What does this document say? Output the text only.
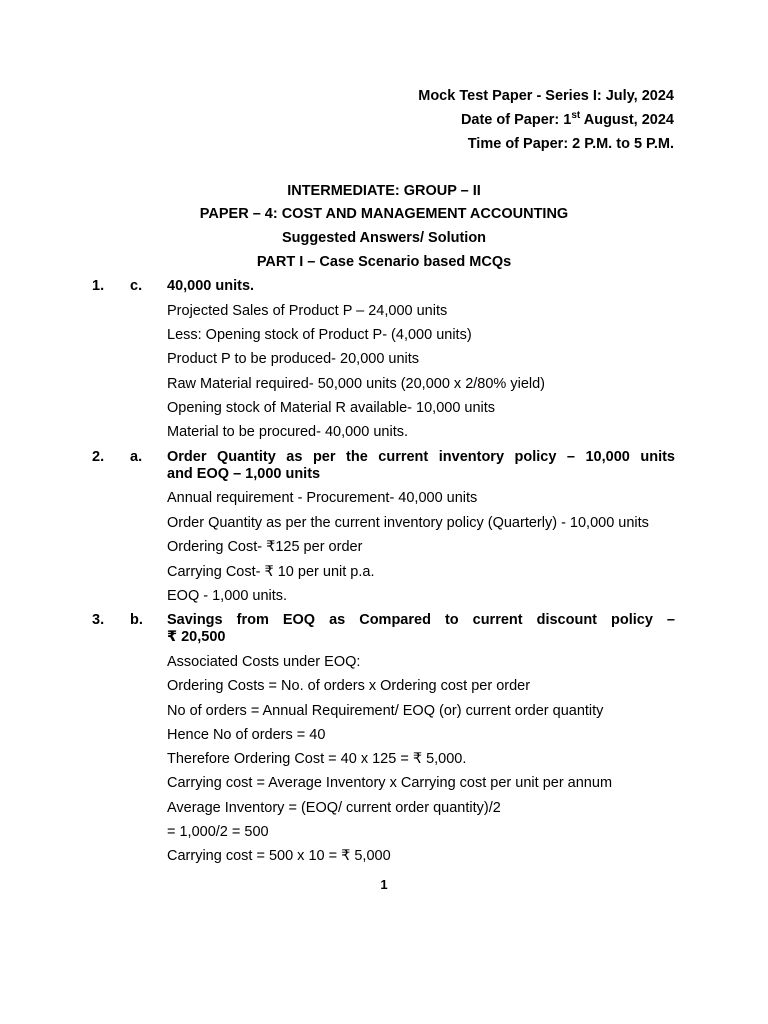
Mock Test Paper - Series I: July, 2024
Date of Paper: 1st August, 2024
Time of Paper: 2 P.M. to 5 P.M.
INTERMEDIATE: GROUP – II
PAPER – 4: COST AND MANAGEMENT ACCOUNTING
Suggested Answers/ Solution
PART I – Case Scenario based MCQs
1. c. 40,000 units.
Projected Sales of Product P – 24,000 units
Less: Opening stock of Product P- (4,000 units)
Product P to be produced- 20,000 units
Raw Material required- 50,000 units (20,000 x 2/80% yield)
Opening stock of Material R available- 10,000 units
Material to be procured- 40,000 units.
2. a. Order Quantity as per the current inventory policy – 10,000 units
and EOQ – 1,000 units
Annual requirement - Procurement- 40,000 units
Order Quantity as per the current inventory policy (Quarterly) - 10,000 units
Ordering Cost- ₹125 per order
Carrying Cost- ₹ 10 per unit p.a.
EOQ - 1,000 units.
3. b. Savings from EOQ as Compared to current discount policy –
₹ 20,500
Associated Costs under EOQ:
Ordering Costs = No. of orders x Ordering cost per order
No of orders = Annual Requirement/ EOQ (or) current order quantity
Hence No of orders = 40
Therefore Ordering Cost = 40 x 125 = ₹ 5,000.
Carrying cost = Average Inventory x Carrying cost per unit per annum
Average Inventory = (EOQ/ current order quantity)/2
= 1,000/2 = 500
Carrying cost = 500 x 10 = ₹ 5,000
1
